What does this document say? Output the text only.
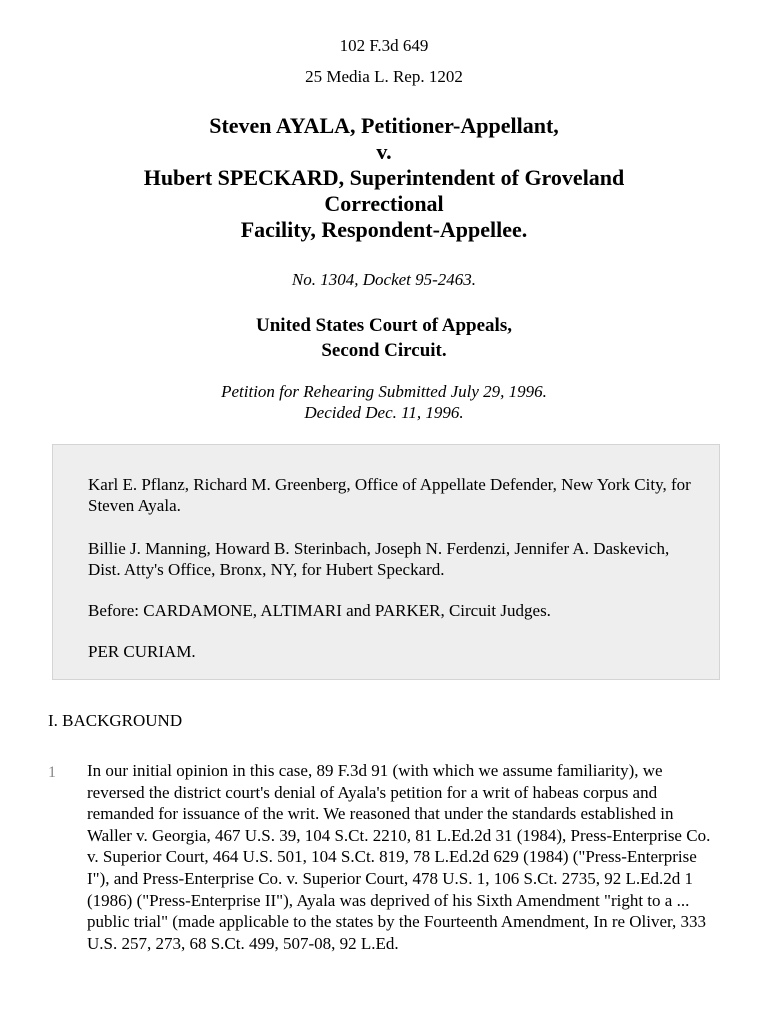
102 F.3d 649
25 Media L. Rep. 1202
Steven AYALA, Petitioner-Appellant,
v.
Hubert SPECKARD, Superintendent of Groveland Correctional
Facility, Respondent-Appellee.
No. 1304, Docket 95-2463.
United States Court of Appeals,
Second Circuit.
Petition for Rehearing Submitted July 29, 1996.
Decided Dec. 11, 1996.
Karl E. Pflanz, Richard M. Greenberg, Office of Appellate Defender, New York City, for Steven Ayala.
Billie J. Manning, Howard B. Sterinbach, Joseph N. Ferdenzi, Jennifer A. Daskevich, Dist. Atty's Office, Bronx, NY, for Hubert Speckard.
Before: CARDAMONE, ALTIMARI and PARKER, Circuit Judges.
PER CURIAM.
I. BACKGROUND
1 In our initial opinion in this case, 89 F.3d 91 (with which we assume familiarity), we reversed the district court's denial of Ayala's petition for a writ of habeas corpus and remanded for issuance of the writ. We reasoned that under the standards established in Waller v. Georgia, 467 U.S. 39, 104 S.Ct. 2210, 81 L.Ed.2d 31 (1984), Press-Enterprise Co. v. Superior Court, 464 U.S. 501, 104 S.Ct. 819, 78 L.Ed.2d 629 (1984) ("Press-Enterprise I"), and Press-Enterprise Co. v. Superior Court, 478 U.S. 1, 106 S.Ct. 2735, 92 L.Ed.2d 1 (1986) ("Press-Enterprise II"), Ayala was deprived of his Sixth Amendment "right to a ... public trial" (made applicable to the states by the Fourteenth Amendment, In re Oliver, 333 U.S. 257, 273, 68 S.Ct. 499, 507-08, 92 L.Ed.
